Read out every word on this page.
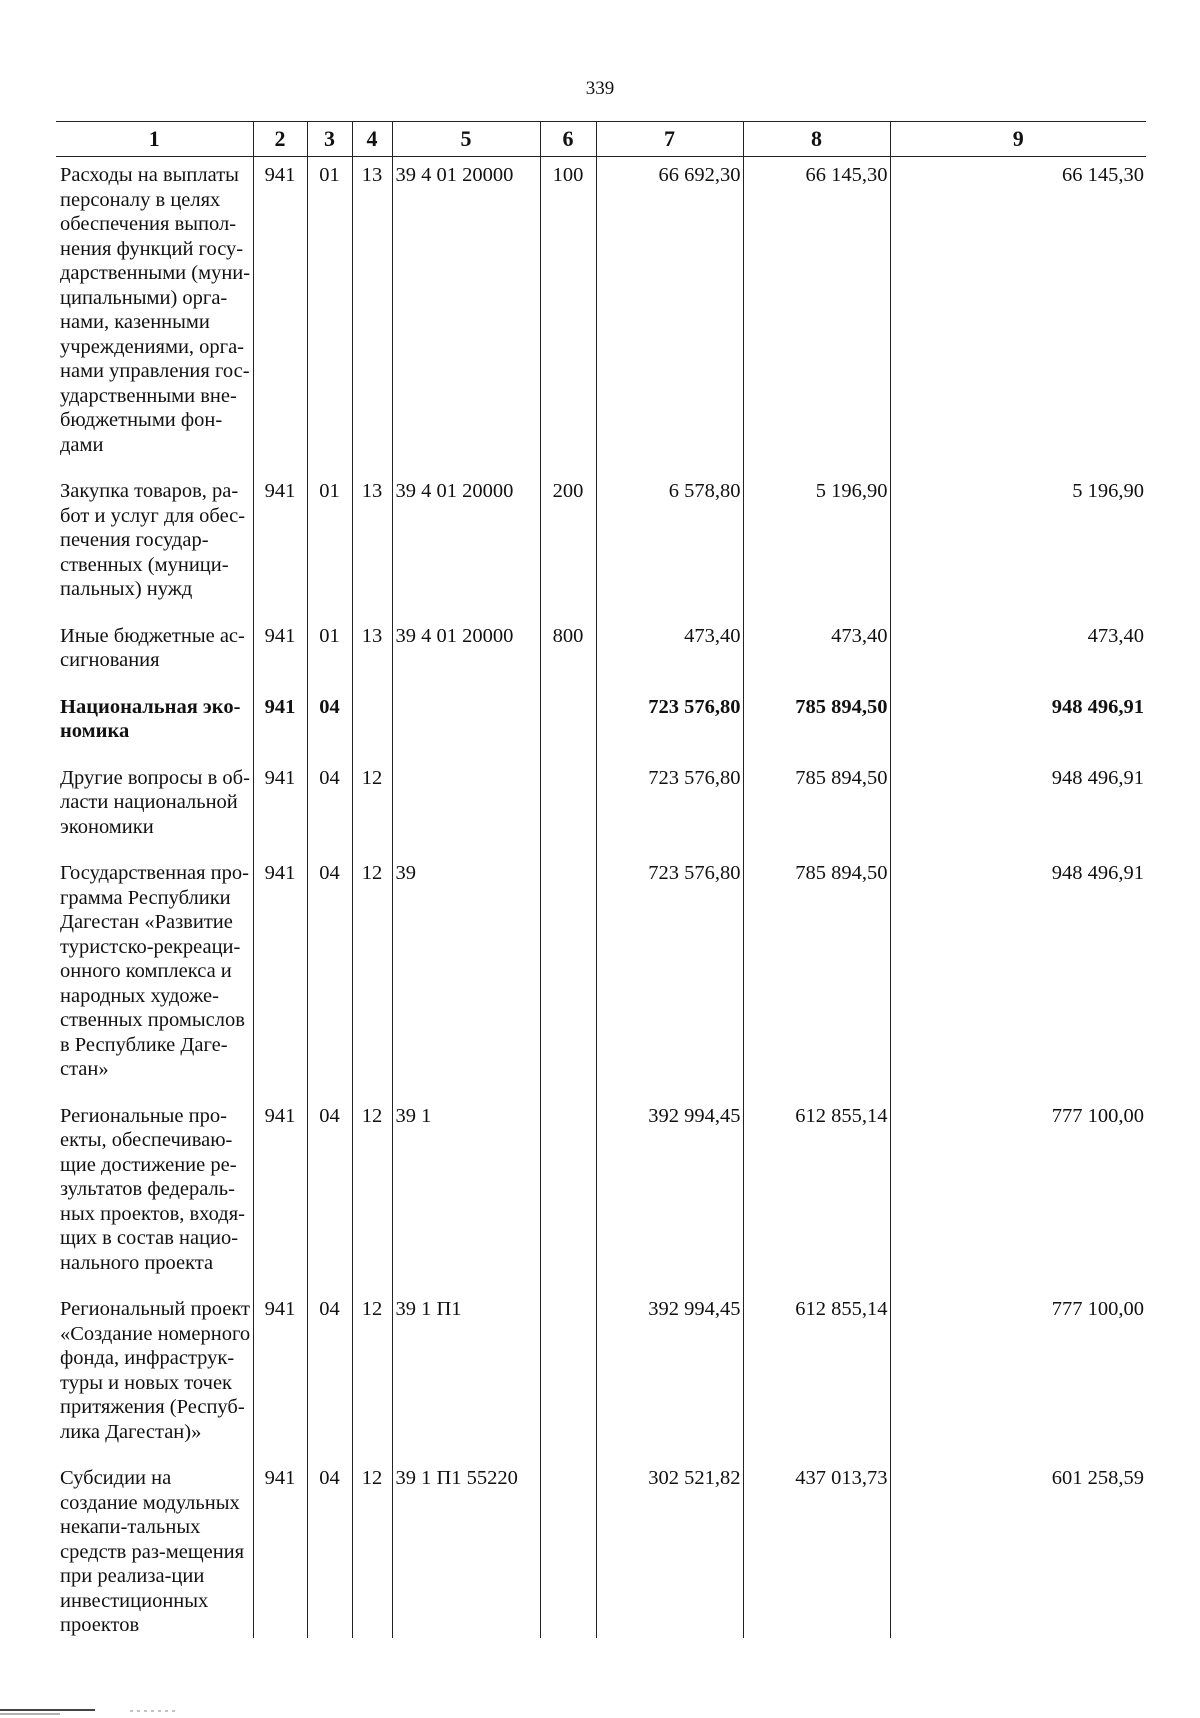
339
1	2	3	4	5	6	7	8	9
Расходы на выплаты персоналу в целях обеспечения выпол-нения функций госу-дарственными (муни-ципальными) орга-нами, казенными учреждениями, орга-нами управления гос-ударственными вне-бюджетными фон-дами	941	01	13	39 4 01 20000	100	66 692,30	66 145,30	66 145,30
Закупка товаров, ра-бот и услуг для обес-печения государ-ственных (муници-пальных) нужд	941	01	13	39 4 01 20000	200	6 578,80	5 196,90	5 196,90
Иные бюджетные ас-сигнования	941	01	13	39 4 01 20000	800	473,40	473,40	473,40
Национальная эко-номика	941	04				723 576,80	785 894,50	948 496,91
Другие вопросы в об-ласти национальной экономики	941	04	12			723 576,80	785 894,50	948 496,91
Государственная про-грамма Республики Дагестан «Развитие туристско-рекреаци-онного комплекса и народных художе-ственных промыслов в Республике Даге-стан»	941	04	12	39		723 576,80	785 894,50	948 496,91
Региональные про-екты, обеспечиваю-щие достижение ре-зультатов федераль-ных проектов, входя-щих в состав нацио-нального проекта	941	04	12	39 1		392 994,45	612 855,14	777 100,00
Региональный проект «Создание номерного фонда, инфраструк-туры и новых точек притяжения (Респуб-лика Дагестан)»	941	04	12	39 1 П1		392 994,45	612 855,14	777 100,00
Субсидии на создание модульных некапи-тальных средств раз-мещения при реализа-ции инвестиционных проектов	941	04	12	39 1 П1 55220		302 521,82	437 013,73	601 258,59
